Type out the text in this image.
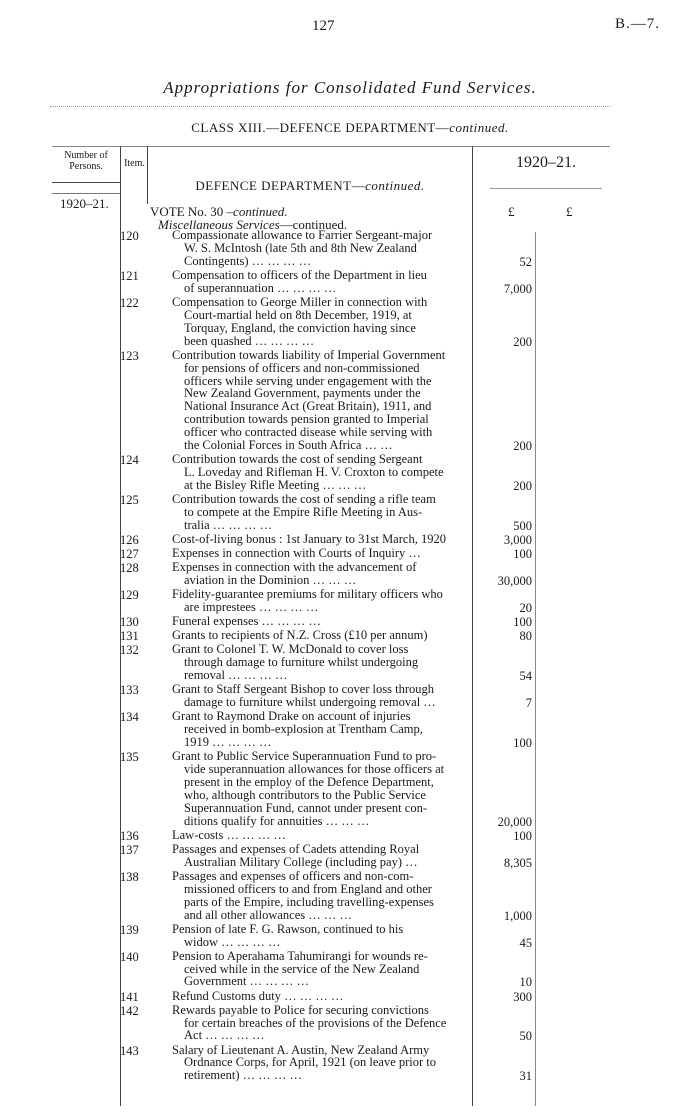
127	B.—7.
Appropriations for Consolidated Fund Services.
CLASS XIII.—DEFENCE DEPARTMENT—continued.
Number of Persons.	Item.	1920–21.
DEFENCE DEPARTMENT—continued.
1920–21.
VOTE No. 30 –continued.	£	£
Miscellaneous Services—continued.
120	Compassionate allowance to Farrier Sergeant-major
W. S. McIntosh (late 5th and 8th New Zealand
Contingents) … … … …	52
121	Compensation to officers of the Department in lieu
of superannuation … … … …	7,000
122	Compensation to George Miller in connection with
Court-martial held on 8th December, 1919, at
Torquay, England, the conviction having since
been quashed … … … …	200
123	Contribution towards liability of Imperial Government
for pensions of officers and non-commissioned
officers while serving under engagement with the
New Zealand Government, payments under the
National Insurance Act (Great Britain), 1911, and
contribution towards pension granted to Imperial
officer who contracted disease while serving with
the Colonial Forces in South Africa … …	200
124	Contribution towards the cost of sending Sergeant
L. Loveday and Rifleman H. V. Croxton to compete
at the Bisley Rifle Meeting … … …	200
125	Contribution towards the cost of sending a rifle team
to compete at the Empire Rifle Meeting in Aus-
tralia … … … …	500
126	Cost-of-living bonus : 1st January to 31st March, 1920	3,000
127	Expenses in connection with Courts of Inquiry …	100
128	Expenses in connection with the advancement of
aviation in the Dominion … … …	30,000
129	Fidelity-guarantee premiums for military officers who
are imprestees … … … …	20
130	Funeral expenses … … … …	100
131	Grants to recipients of N.Z. Cross (£10 per annum)	80
132	Grant to Colonel T. W. McDonald to cover loss
through damage to furniture whilst undergoing
removal … … … …	54
133	Grant to Staff Sergeant Bishop to cover loss through
damage to furniture whilst undergoing removal …	7
134	Grant to Raymond Drake on account of injuries
received in bomb-explosion at Trentham Camp,
1919 … … … …	100
135	Grant to Public Service Superannuation Fund to pro-
vide superannuation allowances for those officers at
present in the employ of the Defence Department,
who, although contributors to the Public Service
Superannuation Fund, cannot under present con-
ditions qualify for annuities … … …	20,000
136	Law-costs … … … …	100
137	Passages and expenses of Cadets attending Royal
Australian Military College (including pay) …	8,305
138	Passages and expenses of officers and non-com-
missioned officers to and from England and other
parts of the Empire, including travelling-expenses
and all other allowances … … …	1,000
139	Pension of late F. G. Rawson, continued to his
widow … … … …	45
140	Pension to Aperahama Tahumirangi for wounds re-
ceived while in the service of the New Zealand
Government … … … …	10
141	Refund Customs duty … … … …	300
142	Rewards payable to Police for securing convictions
for certain breaches of the provisions of the Defence
Act … … … …	50
143	Salary of Lieutenant A. Austin, New Zealand Army
Ordnance Corps, for April, 1921 (on leave prior to
retirement) … … … …	31
